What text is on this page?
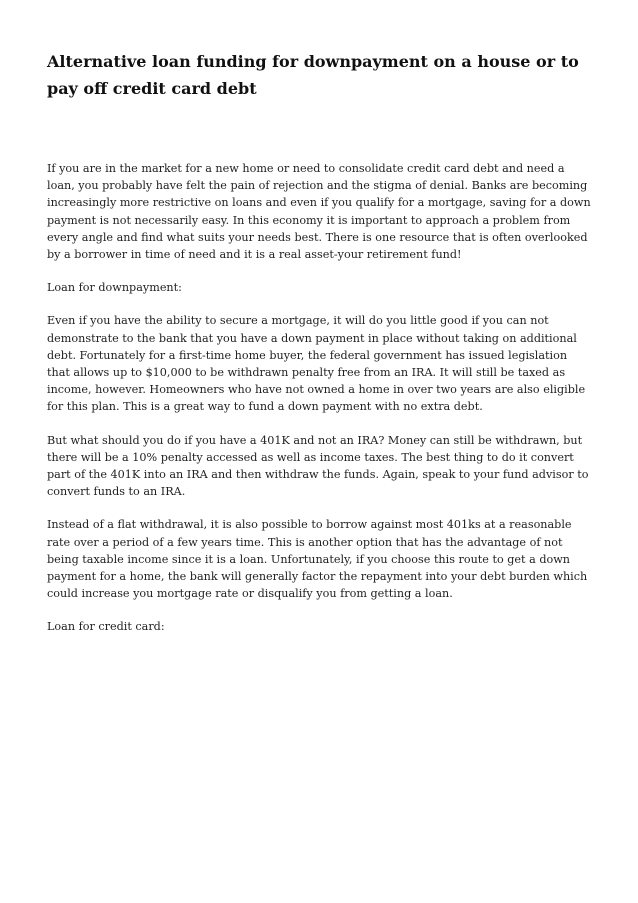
Alternative loan funding for downpayment on a house or to pay off credit card debt

If you are in the market for a new home or need to consolidate credit card debt and need a loan, you probably have felt the pain of rejection and the stigma of denial. Banks are becoming increasingly more restrictive on loans and even if you qualify for a mortgage, saving for a down payment is not necessarily easy. In this economy it is important to approach a problem from every angle and find what suits your needs best. There is one resource that is often overlooked by a borrower in time of need and it is a real asset-your retirement fund!

Loan for downpayment:

Even if you have the ability to secure a mortgage, it will do you little good if you can not demonstrate to the bank that you have a down payment in place without taking on additional debt. Fortunately for a first-time home buyer, the federal government has issued legislation that allows up to $10,000 to be withdrawn penalty free from an IRA. It will still be taxed as income, however. Homeowners who have not owned a home in over two years are also eligible for this plan. This is a great way to fund a down payment with no extra debt.

But what should you do if you have a 401K and not an IRA? Money can still be withdrawn, but there will be a 10% penalty accessed as well as income taxes. The best thing to do it convert part of the 401K into an IRA and then withdraw the funds. Again, speak to your fund advisor to convert funds to an IRA.

Instead of a flat withdrawal, it is also possible to borrow against most 401ks at a reasonable rate over a period of a few years time. This is another option that has the advantage of not being taxable income since it is a loan. Unfortunately, if you choose this route to get a down payment for a home, the bank will generally factor the repayment into your debt burden which could increase you mortgage rate or disqualify you from getting a loan.

Loan for credit card:
